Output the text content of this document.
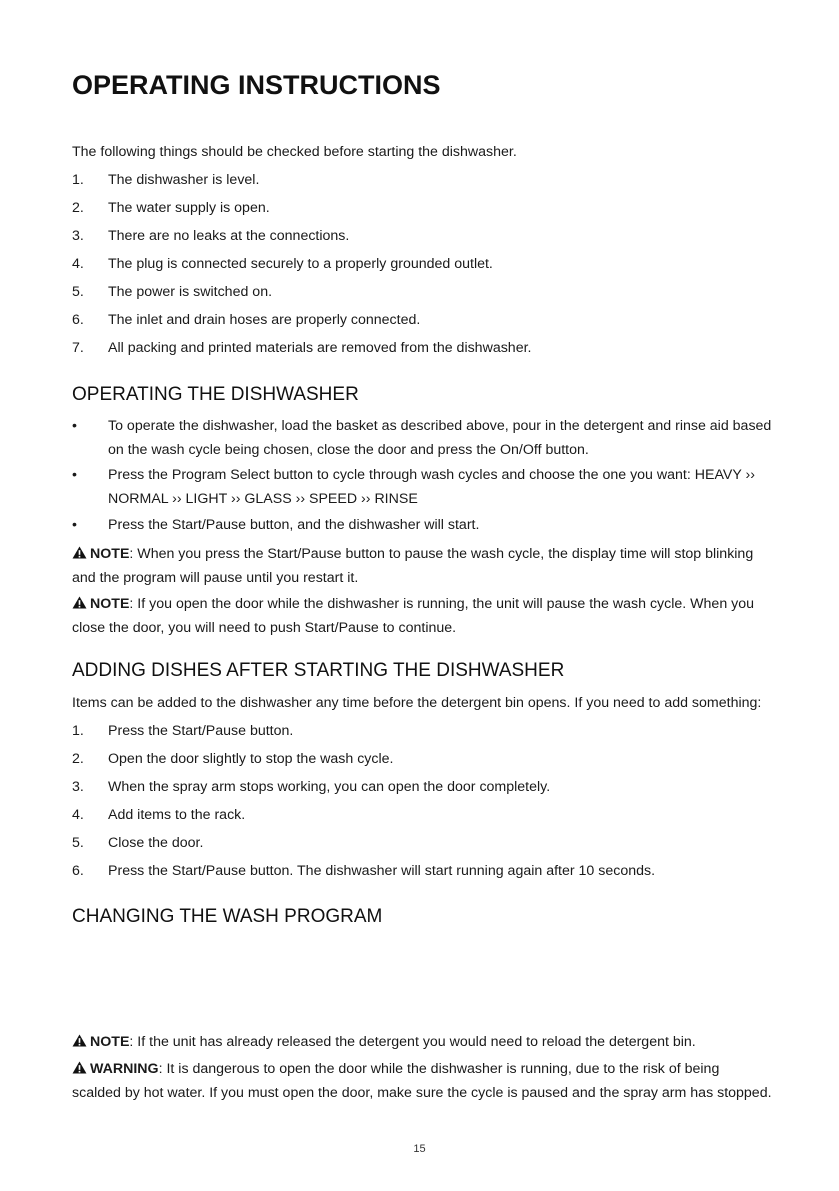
OPERATING INSTRUCTIONS

The following things should be checked before starting the dishwasher.

1.	The dishwasher is level.
2.	The water supply is open.
3.	There are no leaks at the connections.
4.	The plug is connected securely to a properly grounded outlet.
5.	The power is switched on.
6.	The inlet and drain hoses are properly connected.
7.	All packing and printed materials are removed from the dishwasher.
OPERATING THE DISHWASHER
•	To operate the dishwasher, load the basket as described above, pour in the detergent and rinse aid based on the wash cycle being chosen, close the door and press the On/Off button.
•	Press the Program Select button to cycle through wash cycles and choose the one you want: HEAVY ›› NORMAL ›› LIGHT ›› GLASS ›› SPEED ›› RINSE
•	Press the Start/Pause button, and the dishwasher will start.

NOTE: When you press the Start/Pause button to pause the wash cycle, the display time will stop blinking and the program will pause until you restart it.

NOTE: If you open the door while the dishwasher is running, the unit will pause the wash cycle. When you close the door, you will need to push Start/Pause to continue.

ADDING DISHES AFTER STARTING THE DISHWASHER

Items can be added to the dishwasher any time before the detergent bin opens. If you need to add something:

1.	Press the Start/Pause button.
2.	Open the door slightly to stop the wash cycle.
3.	When the spray arm stops working, you can open the door completely.
4.	Add items to the rack.
5.	Close the door.
6.	Press the Start/Pause button. The dishwasher will start running again after 10 seconds.
CHANGING THE WASH PROGRAM

NOTE: If the unit has already released the detergent you would need to reload the detergent bin.

WARNING: It is dangerous to open the door while the dishwasher is running, due to the risk of being scalded by hot water. If you must open the door, make sure the cycle is paused and the spray arm has stopped.

15
